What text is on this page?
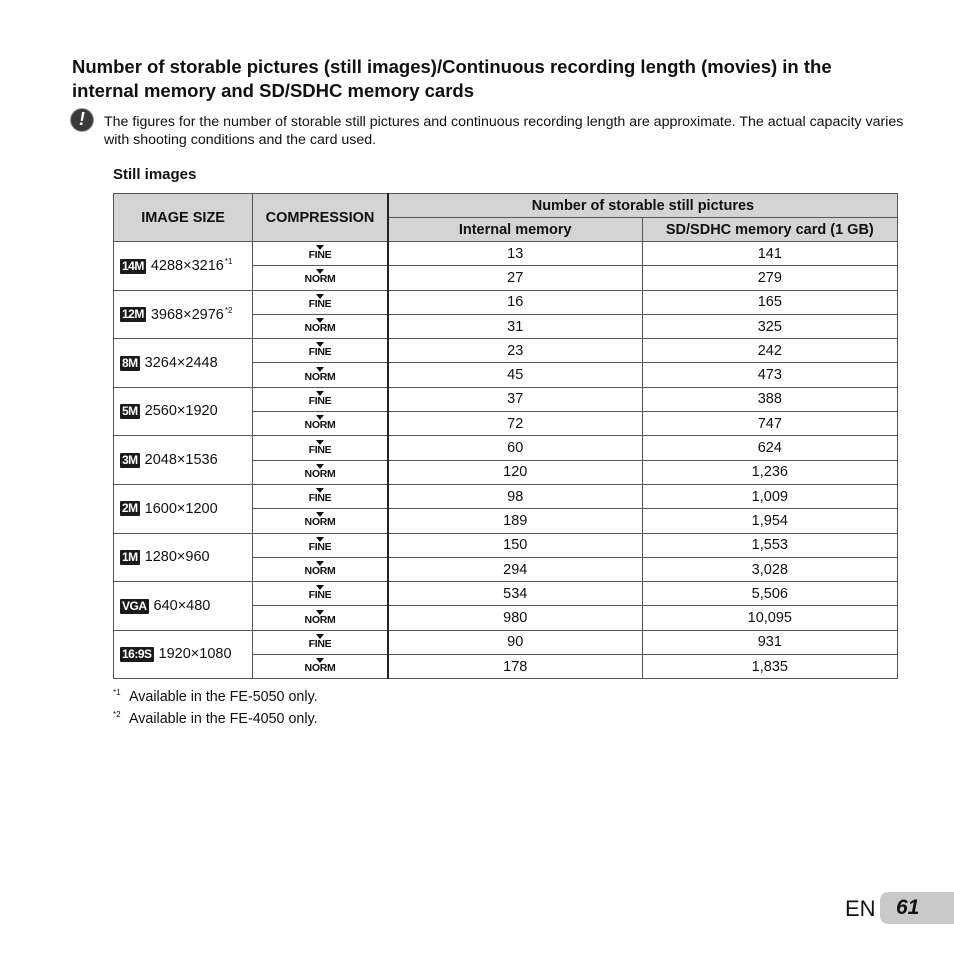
Number of storable pictures (still images)/Continuous recording length (movies) in the internal memory and SD/SDHC memory cards
!	The figures for the number of storable still pictures and continuous recording length are approximate. The actual capacity varies with shooting conditions and the card used.

Still images
IMAGE SIZE	COMPRESSION	Number of storable still pictures	
		Internal memory	SD/SDHC memory card (1 GB)
14M $4288\times 3216^{*1}$	FINE	13	141

NORM	27	279
12M $3968\times 2976^{*2}$	FINE	16	165

NORM	31	325
8M 3264×2448	FINE	23	242

NORM	45	473
5M 2560×1920	FINE	37	388

NORM	72	747
3M 2048×1536	FINE	60	624

NORM	120	1,236
2M 1600×1200	FINE	98	1,009

NORM	189	1,954
1M 1280×960	FINE	150	1,553

NORM	294	3,028
VGA 640×480	FINE	534	5,506

NORM	980	10,095
16:9S 1920×1080	FINE	90	931

NORM	178	1,835
*1 Available in the FE-5050 only.
*2 Available in the FE-4050 only.
EN 61
